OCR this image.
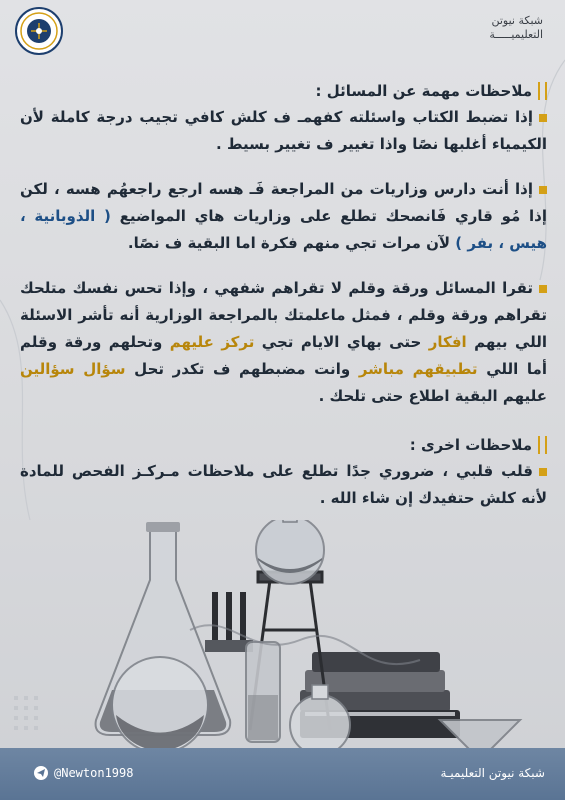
شبكة نيوتن
التعليميـــــة
ملاحظات مهمة عن المسائل :

إذا تضبط الكتاب واسئلته كفهمـ ف كلش كافي تجيب درجة كاملة لأن الكيمياء أغلبها نصًا واذا تغيير ف تغيير بسيط .

إذا أنت دارس وزاريات من المراجعة فَـ هسه ارجع راجعهُم هسه ، لكن إذا مُو قاري فَانصحك تطلع على وزاريات هاي المواضيع ( الذوبانية ، هيس ، بفر ) لآن مرات تجي منهم فكرة اما البقية ف نصًا.

تقرا المسائل ورقة وقلم لا تقراهم شفهي ، وإذا تحس نفسك متلحك تقراهم ورقة وقلم ، فمثل ماعلمتك بالمراجعة الوزارية أنه تأشر الاسئلة اللي بيهم افكار حتى بهاي الايام تجي تركز عليهم وتحلهم ورقة وقلم أما اللي تطبيقهم مباشر وانت مضبطهم ف تكدر تحل سؤال سؤالين عليهم البقية اطلاع حتى تلحك .

ملاحظات اخرى :

قلب قلبي ، ضروري جدًا تطلع على ملاحظات مـركـز الفحص للمادة لأنه كلش حتفيدك إن شاء الله .

@Newton1998	شبكة نيوتن التعليميـة
